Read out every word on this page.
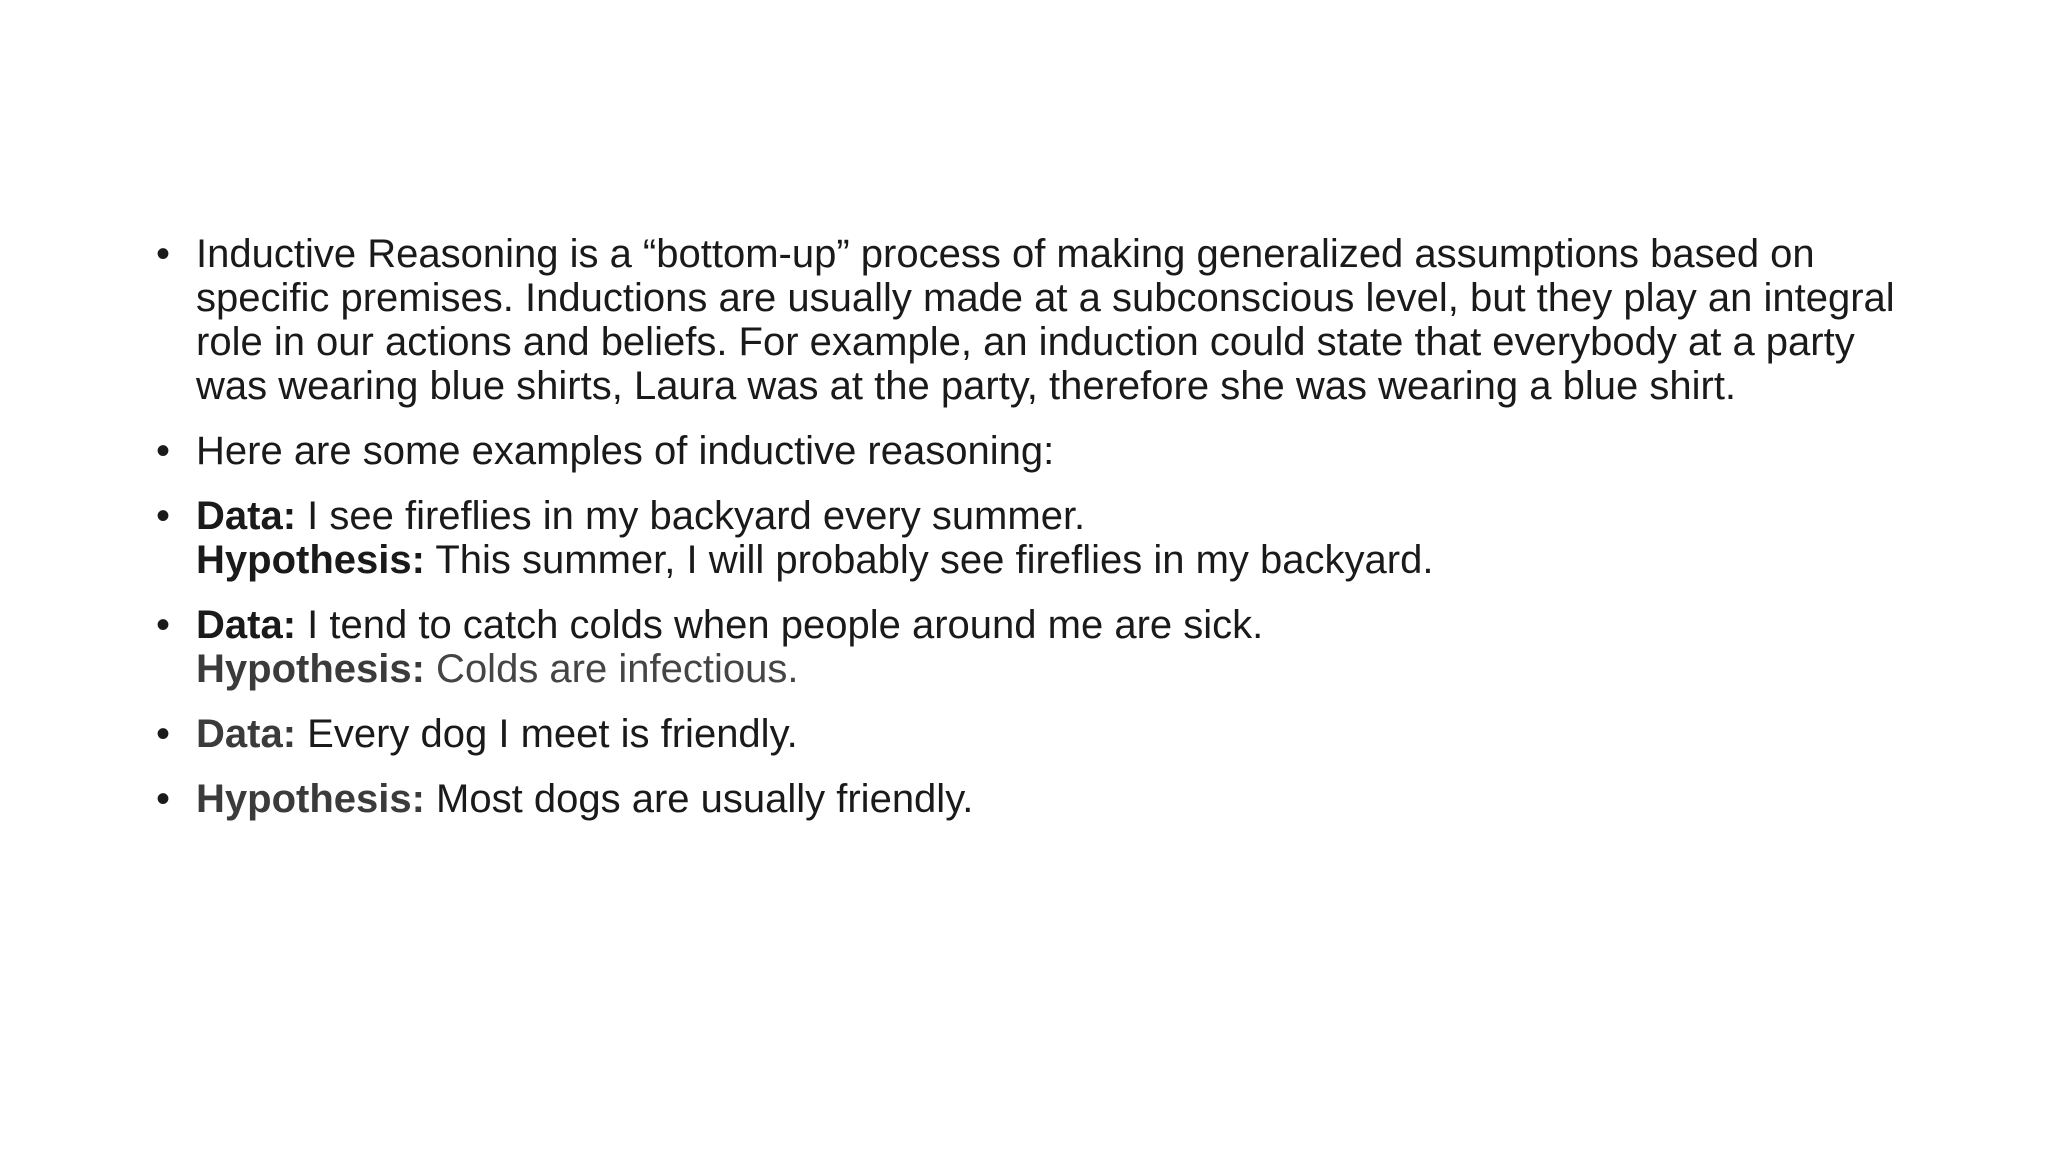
• Inductive Reasoning is a “bottom-up” process of making generalized assumptions based on specific premises. Inductions are usually made at a subconscious level, but they play an integral role in our actions and beliefs. For example, an induction could state that everybody at a party was wearing blue shirts, Laura was at the party, therefore she was wearing a blue shirt.
• Here are some examples of inductive reasoning:
• Data: I see fireflies in my backyard every summer.
Hypothesis: This summer, I will probably see fireflies in my backyard.
• Data: I tend to catch colds when people around me are sick.
Hypothesis: Colds are infectious.
• Data: Every dog I meet is friendly.
• Hypothesis: Most dogs are usually friendly.
